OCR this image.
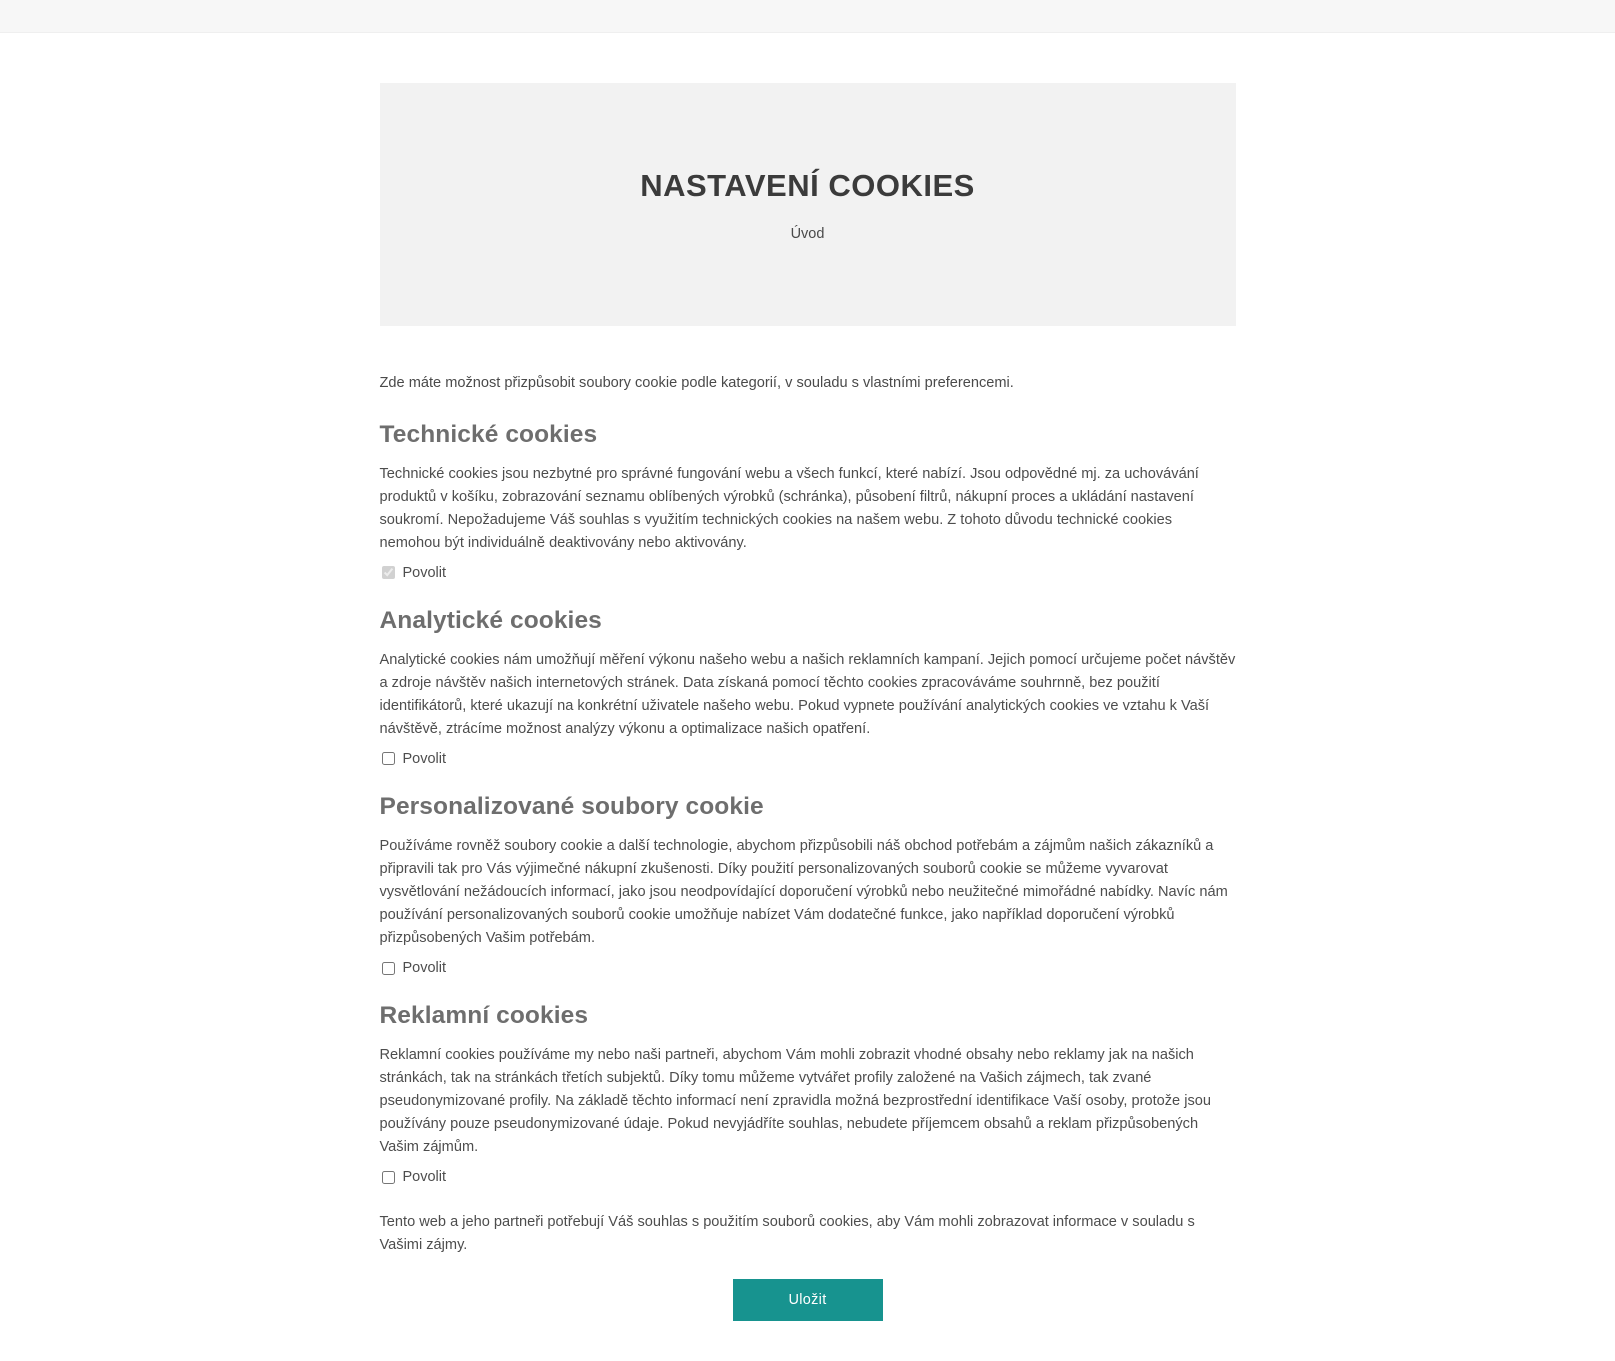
NASTAVENÍ COOKIES
Úvod

Zde máte možnost přizpůsobit soubory cookie podle kategorií, v souladu s vlastními preferencemi.

Technické cookies

Technické cookies jsou nezbytné pro správné fungování webu a všech funkcí, které nabízí. Jsou odpovědné mj. za uchovávání produktů v košíku, zobrazování seznamu oblíbených výrobků (schránka), působení filtrů, nákupní proces a ukládání nastavení soukromí. Nepožadujeme Váš souhlas s využitím technických cookies na našem webu. Z tohoto důvodu technické cookies nemohou být individuálně deaktivovány nebo aktivovány.

Povolit
Analytické cookies

Analytické cookies nám umožňují měření výkonu našeho webu a našich reklamních kampaní. Jejich pomocí určujeme počet návštěv a zdroje návštěv našich internetových stránek. Data získaná pomocí těchto cookies zpracováváme souhrnně, bez použití identifikátorů, které ukazují na konkrétní uživatele našeho webu. Pokud vypnete používání analytických cookies ve vztahu k Vaší návštěvě, ztrácíme možnost analýzy výkonu a optimalizace našich opatření.

Povolit
Personalizované soubory cookie

Používáme rovněž soubory cookie a další technologie, abychom přizpůsobili náš obchod potřebám a zájmům našich zákazníků a připravili tak pro Vás výjimečné nákupní zkušenosti. Díky použití personalizovaných souborů cookie se můžeme vyvarovat vysvětlování nežádoucích informací, jako jsou neodpovídající doporučení výrobků nebo neužitečné mimořádné nabídky. Navíc nám používání personalizovaných souborů cookie umožňuje nabízet Vám dodatečné funkce, jako například doporučení výrobků přizpůsobených Vašim potřebám.

Povolit
Reklamní cookies

Reklamní cookies používáme my nebo naši partneři, abychom Vám mohli zobrazit vhodné obsahy nebo reklamy jak na našich stránkách, tak na stránkách třetích subjektů. Díky tomu můžeme vytvářet profily založené na Vašich zájmech, tak zvané pseudonymizované profily. Na základě těchto informací není zpravidla možná bezprostřední identifikace Vaší osoby, protože jsou používány pouze pseudonymizované údaje. Pokud nevyjádříte souhlas, nebudete příjemcem obsahů a reklam přizpůsobených Vašim zájmům.

Povolit

Tento web a jeho partneři potřebují Váš souhlas s použitím souborů cookies, aby Vám mohli zobrazovat informace v souladu s Vašimi zájmy.

Uložit
